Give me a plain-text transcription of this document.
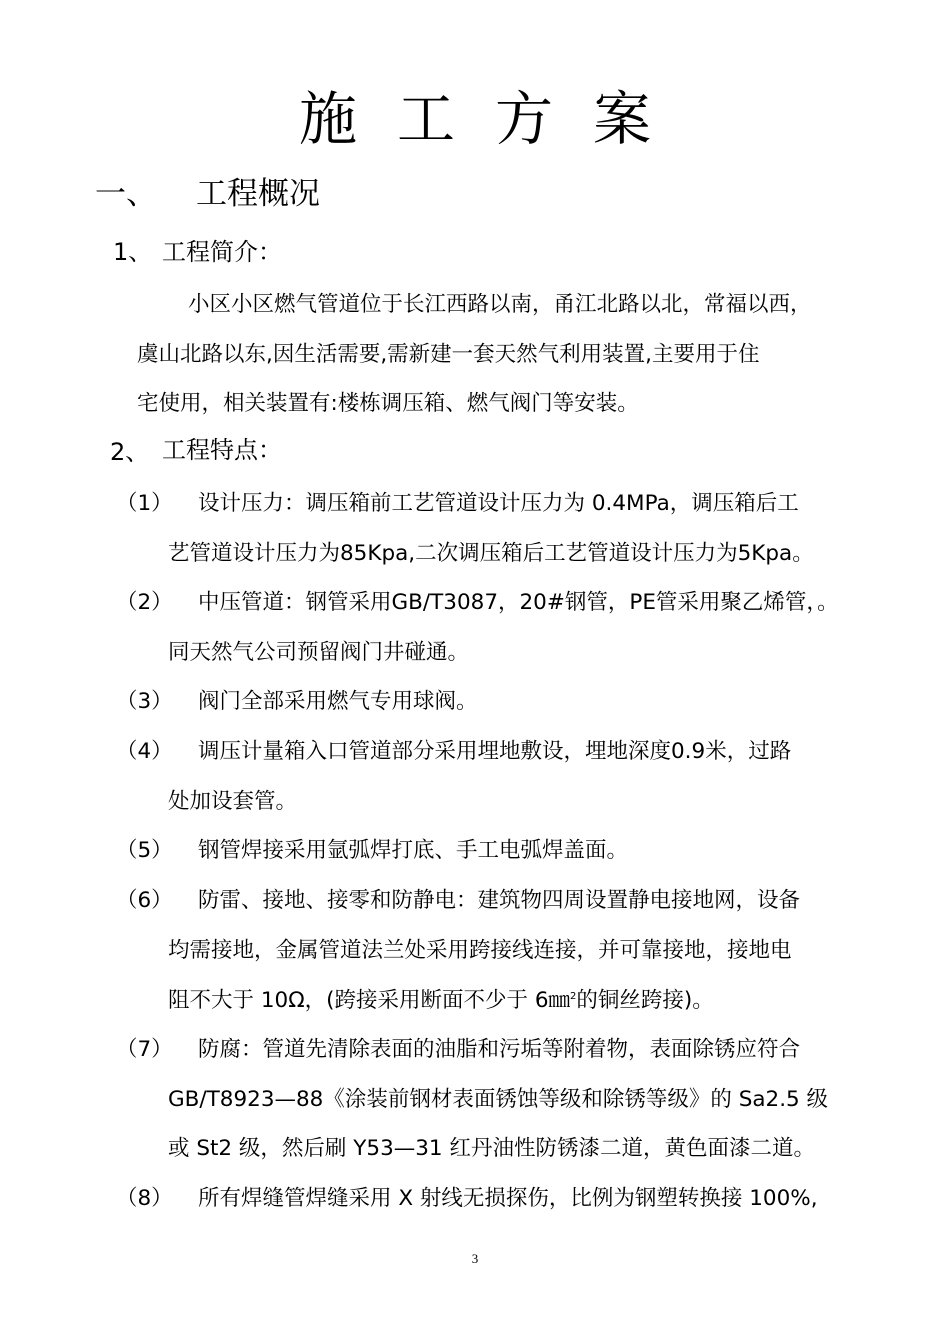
施工方案
一、 工程概况
1、 工程简介：
小区小区燃气管道位于长江西路以南，甬江北路以北，常福以西，
虞山北路以东,因生活需要,需新建一套天然气利用装置,主要用于住
宅使用，相关装置有:楼栋调压箱、燃气阀门等安装。
2、 工程特点：
（1） 设计压力：调压箱前工艺管道设计压力为 0.4MPa，调压箱后工
艺管道设计压力为85Kpa,二次调压箱后工艺管道设计压力为5Kpa。
（2） 中压管道：钢管采用GB/T3087，20#钢管，PE管采用聚乙烯管，。
同天然气公司预留阀门井碰通。
（3） 阀门全部采用燃气专用球阀。
（4） 调压计量箱入口管道部分采用埋地敷设，埋地深度0.9米，过路
处加设套管。
（5） 钢管焊接采用氩弧焊打底、手工电弧焊盖面。
（6） 防雷、接地、接零和防静电：建筑物四周设置静电接地网，设备
均需接地，金属管道法兰处采用跨接线连接，并可靠接地，接地电
阻不大于 10Ω，(跨接采用断面不少于 6㎜$^2$的铜丝跨接)。
（7） 防腐：管道先清除表面的油脂和污垢等附着物，表面除锈应符合
GB/T8923—88《涂装前钢材表面锈蚀等级和除锈等级》的 Sa2.5 级
或 St2 级，然后刷 Y53—31 红丹油性防锈漆二道，黄色面漆二道。
（8） 所有焊缝管焊缝采用 X 射线无损探伤，比例为钢塑转换接 100%,
3
